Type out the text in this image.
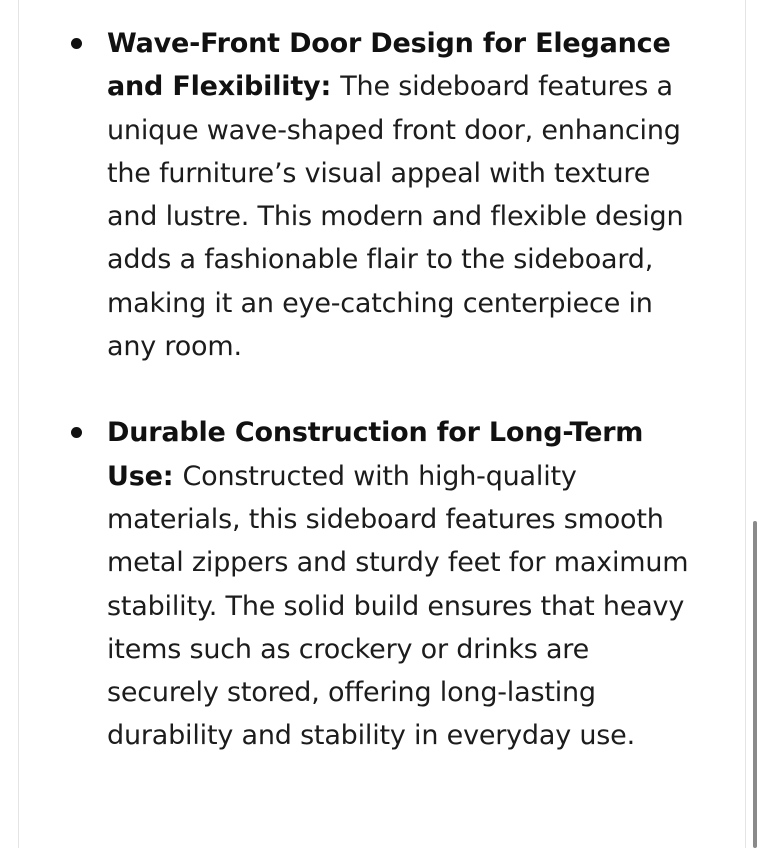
Wave-Front Door Design for Elegance and Flexibility: The sideboard features a unique wave-shaped front door, enhancing the furniture’s visual appeal with texture and lustre. This modern and flexible design adds a fashionable flair to the sideboard, making it an eye-catching centerpiece in any room.
Durable Construction for Long-Term Use: Constructed with high-quality materials, this sideboard features smooth metal zippers and sturdy feet for maximum stability. The solid build ensures that heavy items such as crockery or drinks are securely stored, offering long-lasting durability and stability in everyday use.
